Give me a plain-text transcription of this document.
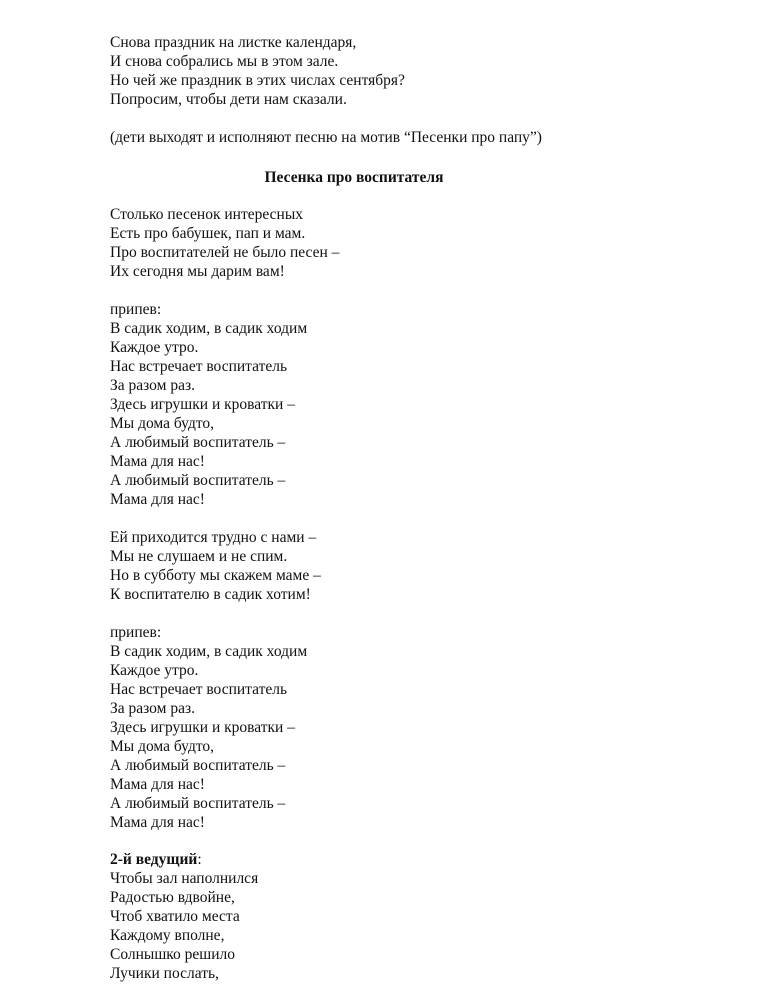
Снова праздник на листке календаря,
И снова собрались мы в этом зале.
Но чей же праздник в этих числах сентября?
Попросим, чтобы дети нам сказали.
(дети выходят и исполняют песню на мотив “Песенки про папу”)
Песенка про воспитателя
Столько песенок интересных
Есть про бабушек, пап и мам.
Про воспитателей не было песен –
Их сегодня мы дарим вам!
припев:
В садик ходим, в садик ходим
Каждое утро.
Нас встречает воспитатель
За разом раз.
Здесь игрушки и кроватки –
Мы дома будто,
А любимый воспитатель –
Мама для нас!
А любимый воспитатель –
Мама для нас!
Ей приходится трудно с нами –
Мы не слушаем и не спим.
Но в субботу мы скажем маме –
К воспитателю в садик хотим!
припев:
В садик ходим, в садик ходим
Каждое утро.
Нас встречает воспитатель
За разом раз.
Здесь игрушки и кроватки –
Мы дома будто,
А любимый воспитатель –
Мама для нас!
А любимый воспитатель –
Мама для нас!
2-й ведущий:
Чтобы зал наполнился
Радостью вдвойне,
Чтоб хватило места
Каждому вполне,
Солнышко решило
Лучики послать,
